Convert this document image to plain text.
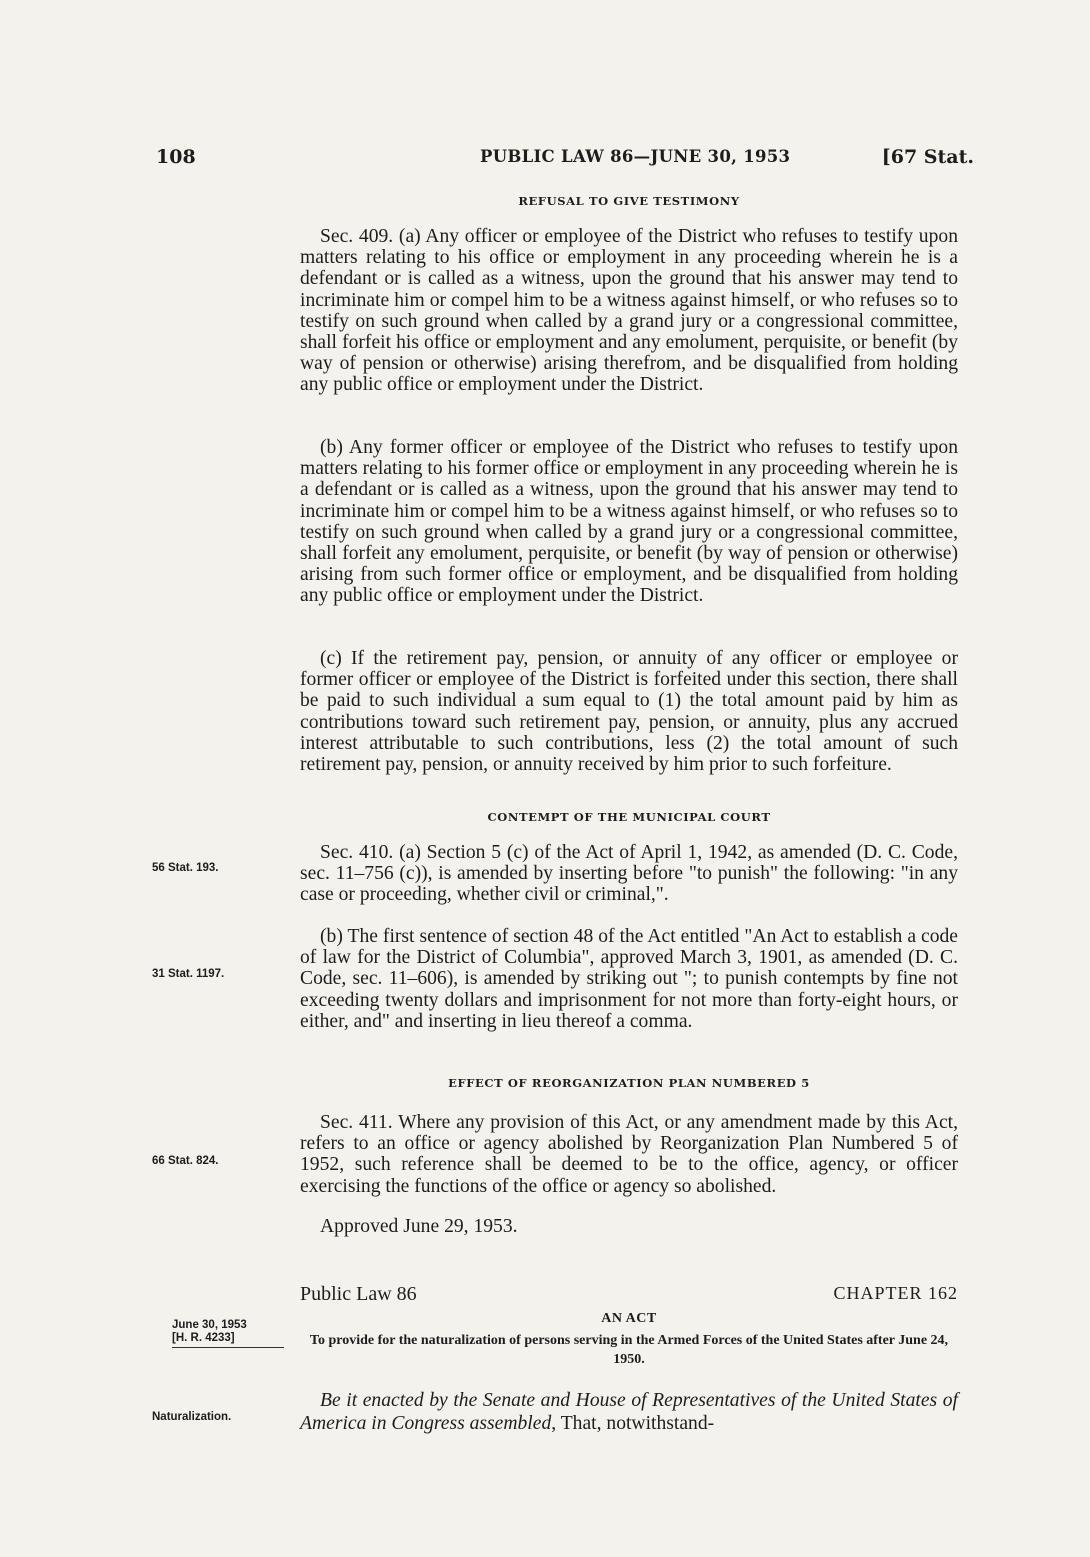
108	PUBLIC LAW 86—JUNE 30, 1953	[67 Stat.
REFUSAL TO GIVE TESTIMONY
Sec. 409. (a) Any officer or employee of the District who refuses to testify upon matters relating to his office or employment in any proceeding wherein he is a defendant or is called as a witness, upon the ground that his answer may tend to incriminate him or compel him to be a witness against himself, or who refuses so to testify on such ground when called by a grand jury or a congressional committee, shall forfeit his office or employment and any emolument, perquisite, or benefit (by way of pension or otherwise) arising therefrom, and be disqualified from holding any public office or employment under the District.
(b) Any former officer or employee of the District who refuses to testify upon matters relating to his former office or employment in any proceeding wherein he is a defendant or is called as a witness, upon the ground that his answer may tend to incriminate him or compel him to be a witness against himself, or who refuses so to testify on such ground when called by a grand jury or a congressional committee, shall forfeit any emolument, perquisite, or benefit (by way of pension or otherwise) arising from such former office or employment, and be disqualified from holding any public office or employment under the District.
(c) If the retirement pay, pension, or annuity of any officer or employee or former officer or employee of the District is forfeited under this section, there shall be paid to such individual a sum equal to (1) the total amount paid by him as contributions toward such retirement pay, pension, or annuity, plus any accrued interest attributable to such contributions, less (2) the total amount of such retirement pay, pension, or annuity received by him prior to such forfeiture.
CONTEMPT OF THE MUNICIPAL COURT
56 Stat. 193.
Sec. 410. (a) Section 5 (c) of the Act of April 1, 1942, as amended (D. C. Code, sec. 11–756 (c)), is amended by inserting before "to punish" the following: "in any case or proceeding, whether civil or criminal,".
31 Stat. 1197.
(b) The first sentence of section 48 of the Act entitled "An Act to establish a code of law for the District of Columbia", approved March 3, 1901, as amended (D. C. Code, sec. 11–606), is amended by striking out "; to punish contempts by fine not exceeding twenty dollars and imprisonment for not more than forty-eight hours, or either, and" and inserting in lieu thereof a comma.
EFFECT OF REORGANIZATION PLAN NUMBERED 5
66 Stat. 824.
Sec. 411. Where any provision of this Act, or any amendment made by this Act, refers to an office or agency abolished by Reorganization Plan Numbered 5 of 1952, such reference shall be deemed to be to the office, agency, or officer exercising the functions of the office or agency so abolished.
Approved June 29, 1953.
Public Law 86	CHAPTER 162
AN ACT
June 30, 1953
[H. R. 4233]	To provide for the naturalization of persons serving in the Armed Forces of the United States after June 24, 1950.
Naturalization.
Be it enacted by the Senate and House of Representatives of the United States of America in Congress assembled, That, notwithstand-
